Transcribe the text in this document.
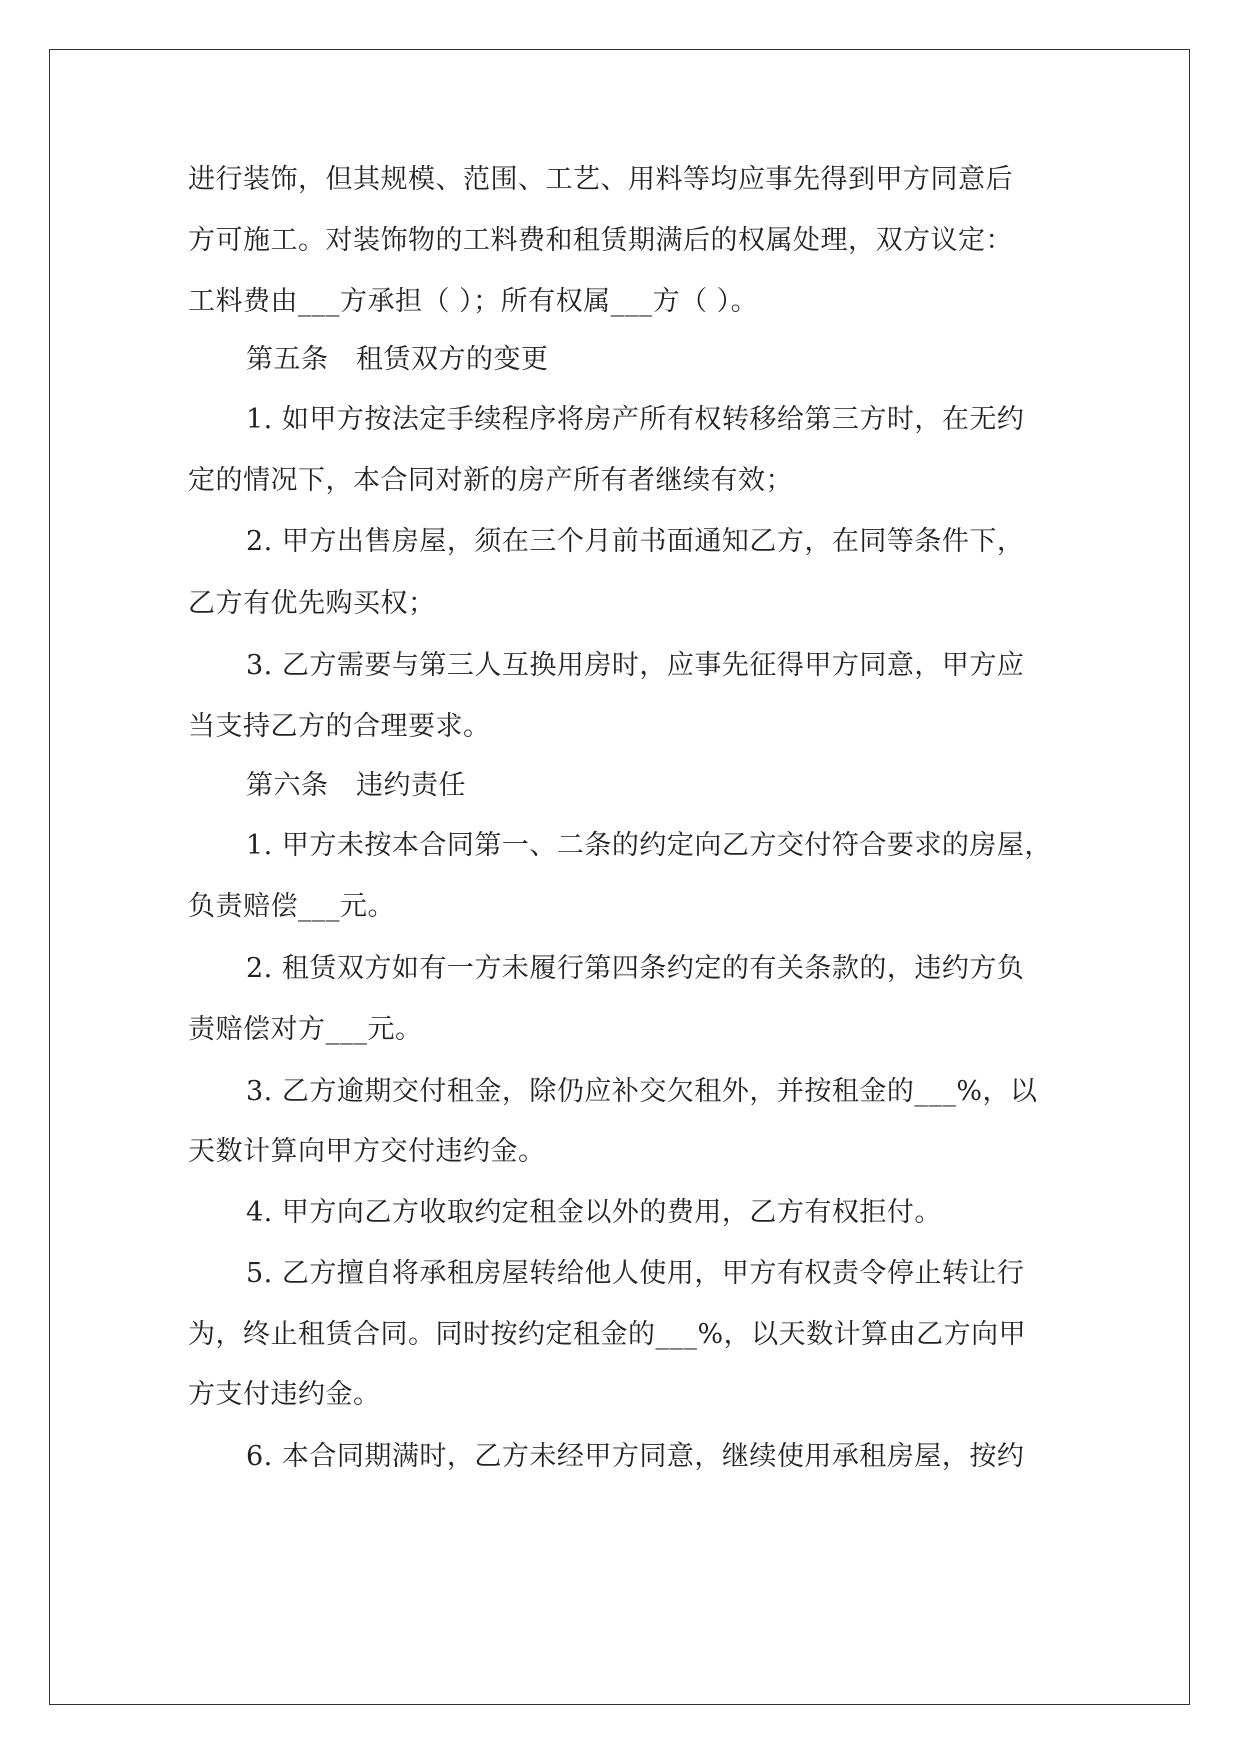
进行装饰，但其规模、范围、工艺、用料等均应事先得到甲方同意后
方可施工。对装饰物的工料费和租赁期满后的权属处理，双方议定：
工料费由___方承担（ ）；所有权属___方（ ）。
第五条　租赁双方的变更
1. 如甲方按法定手续程序将房产所有权转移给第三方时，在无约
定的情况下，本合同对新的房产所有者继续有效；
2. 甲方出售房屋，须在三个月前书面通知乙方，在同等条件下，
乙方有优先购买权；
3. 乙方需要与第三人互换用房时，应事先征得甲方同意，甲方应
当支持乙方的合理要求。
第六条　违约责任
1. 甲方未按本合同第一、二条的约定向乙方交付符合要求的房屋，
负责赔偿___元。
2. 租赁双方如有一方未履行第四条约定的有关条款的，违约方负
责赔偿对方___元。
3. 乙方逾期交付租金，除仍应补交欠租外，并按租金的___%，以
天数计算向甲方交付违约金。
4. 甲方向乙方收取约定租金以外的费用，乙方有权拒付。
5. 乙方擅自将承租房屋转给他人使用，甲方有权责令停止转让行
为，终止租赁合同。同时按约定租金的___%，以天数计算由乙方向甲
方支付违约金。
6. 本合同期满时，乙方未经甲方同意，继续使用承租房屋，按约
